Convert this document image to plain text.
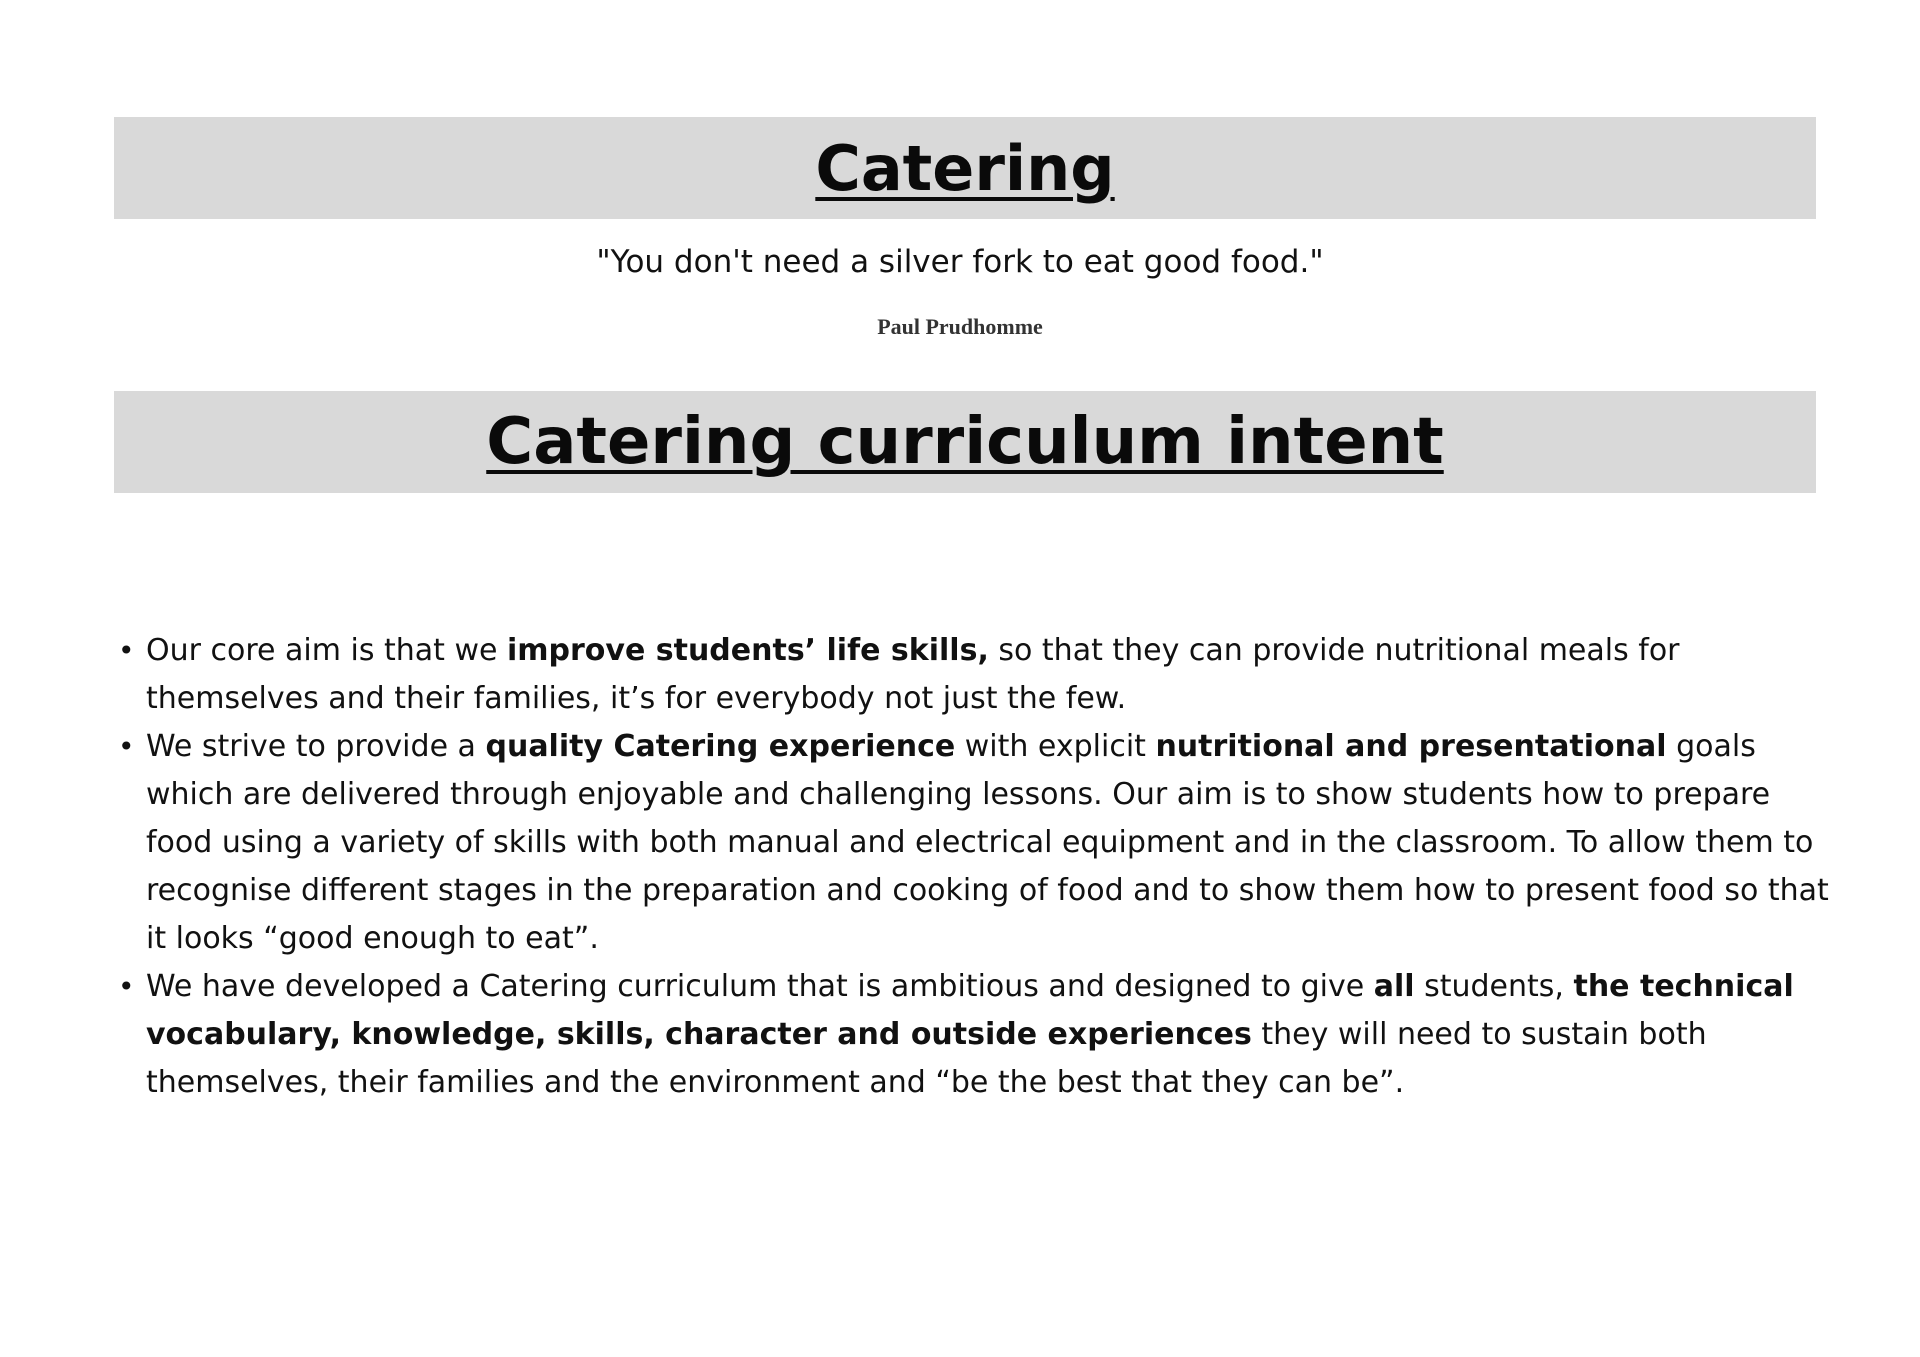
Catering

"You don't need a silver fork to eat good food."

Paul Prudhomme

Catering curriculum intent
• Our core aim is that we improve students’ life skills, so that they can provide nutritional meals for themselves and their families, it’s for everybody not just the few.
• We strive to provide a quality Catering experience with explicit nutritional and presentational goals which are delivered through enjoyable and challenging lessons. Our aim is to show students how to prepare food using a variety of skills with both manual and electrical equipment and in the classroom. To allow them to recognise different stages in the preparation and cooking of food and to show them how to present food so that it looks “good enough to eat”.
• We have developed a Catering curriculum that is ambitious and designed to give all students, the technical vocabulary, knowledge, skills, character and outside experiences they will need to sustain both themselves, their families and the environment and “be the best that they can be”.
